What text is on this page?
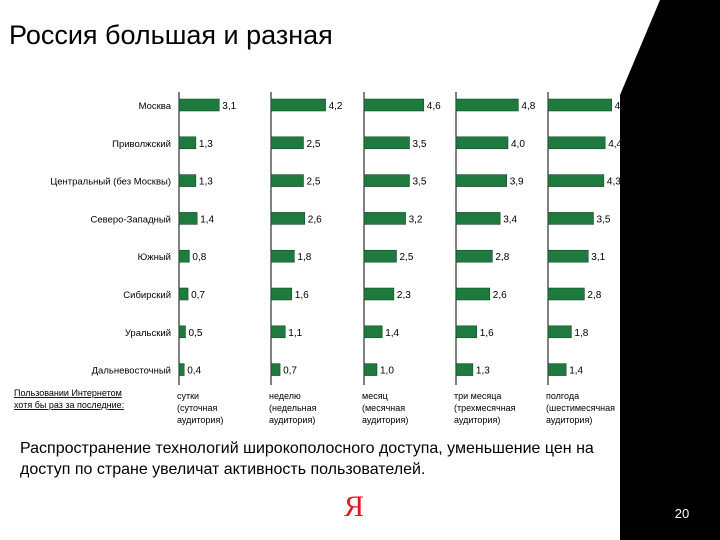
Россия большая и разная
Москва
Приволжский
Центральный (без Москвы)
Северо-Западный
Южный
Сибирский
Уральский
Дальневосточный
3,1
1,3
1,3
1,4
0,8
0,7
0,5
0,4
4,2
2,5
2,5
2,6
1,8
1,6
1,1
0,7
4,6
3,5
3,5
3,2
2,5
2,3
1,4
1,0
4,8
4,0
3,9
3,4
2,8
2,6
1,6
1,3
4,9
4,4
4,3
3,5
3,1
2,8
1,8
1,4
сутки
(суточная
аудитория)
неделю
(недельная
аудитория)
месяц
(месячная
аудитория)
три месяца
(трехмесячная
аудитория)
полгода
(шестимесячная
аудитория)
Пользовании Интернетом
хотя бы раз за последние:	По данным ФОМ, аудитория 18+, вся Россия, осень 2008
Распространение технологий широкополосного доступа, уменьшение цен на доступ по стране увеличат активность пользователей.
Я	20
